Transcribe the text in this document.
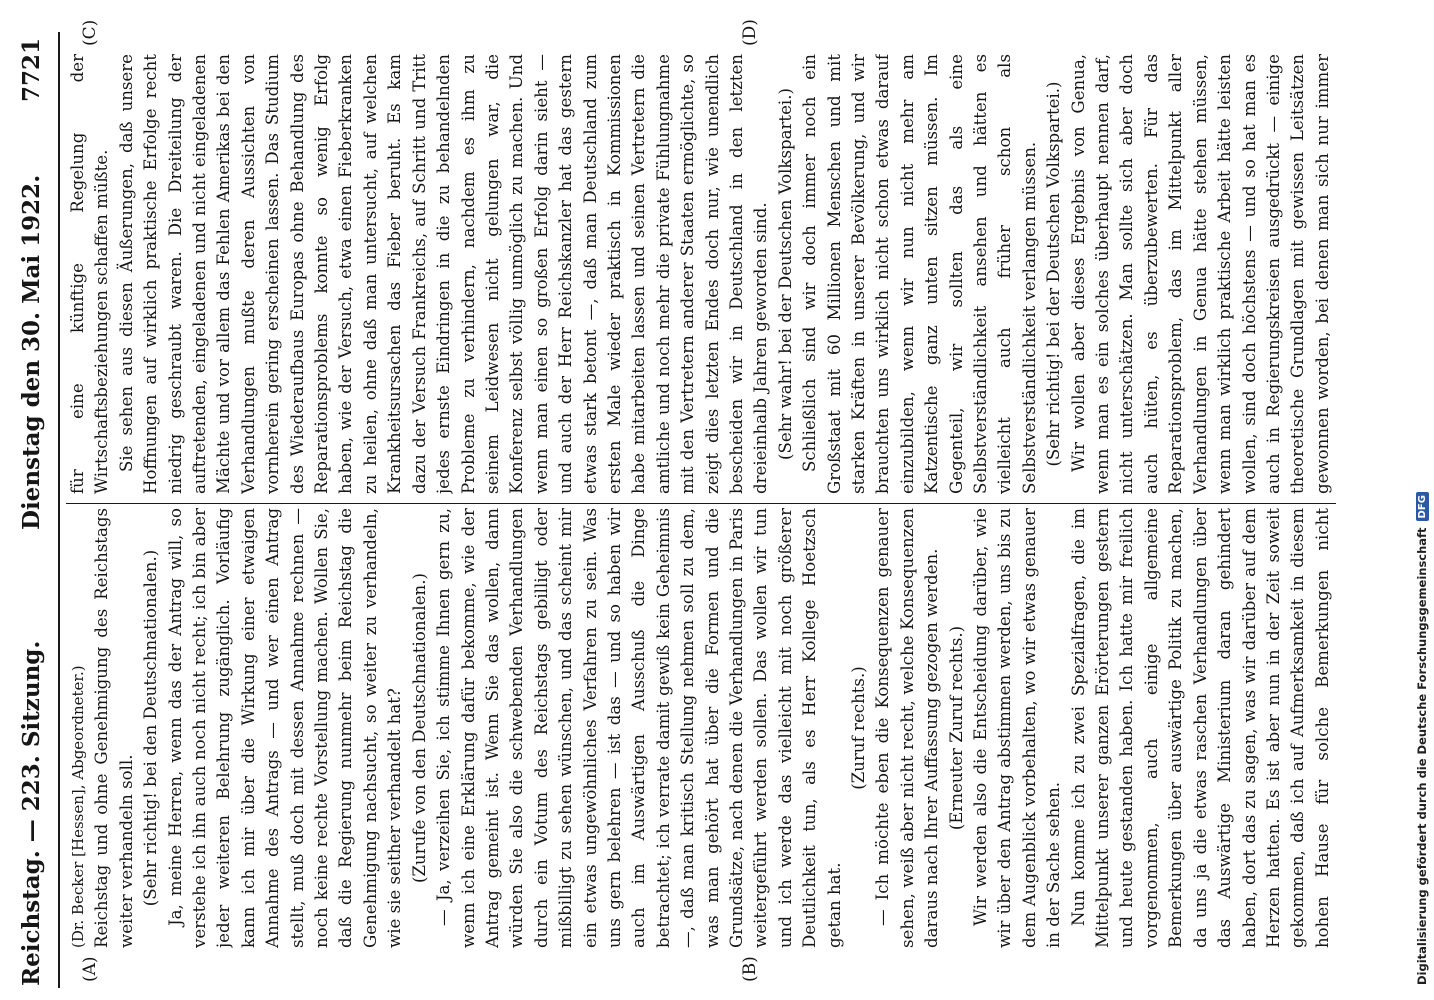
Reichstag. — 223. Sitzung.
Dienstag den 30. Mai 1922.
7721
(A)	(B)
(C)	(D)

(Dr. Becker [Hessen], Abgeordneter.) Reichstag und ohne Genehmigung des Reichstags weiter verhandeln soll. (Sehr richtig! bei den Deutschnationalen.) Ja, meine Herren, wenn das der Antrag will, so verstehe ich ihn auch noch nicht recht; ich bin aber jeder weiteren Belehrung zugänglich. Vorläufig kann ich mir über die Wirkung einer etwaigen Annahme des Antrags — und wer einen Antrag stellt, muß doch mit dessen Annahme rechnen — noch keine rechte Vorstellung machen. Wollen Sie, daß die Regierung nunmehr beim Reichstag die Genehmigung nachsucht, so weiter zu verhandeln, wie sie seither verhandelt hat? (Zurufe von den Deutschnationalen.) — Ja, verzeihen Sie, ich stimme Ihnen gern zu, wenn ich eine Erklärung dafür bekomme, wie der Antrag gemeint ist. Wenn Sie das wollen, dann würden Sie also die schwebenden Verhandlungen durch ein Votum des Reichstags gebilligt oder mißbilligt zu sehen wünschen, und das scheint mir ein etwas ungewöhnliches Verfahren zu sein. Was uns gern belehren — ist das — und so haben wir auch im Auswärtigen Ausschuß die Dinge betrachtet; ich verrate damit gewiß kein Geheimnis —, daß man kritisch Stellung nehmen soll zu dem, was man gehört hat über die Formen und die Grundsätze, nach denen die Verhandlungen in Paris weitergeführt werden sollen. Das wollen wir tun und ich werde das vielleicht mit noch größerer Deutlichkeit tun, als es Herr Kollege Hoetzsch getan hat.

(Zuruf rechts.) — Ich möchte eben die Konsequenzen genauer sehen, weiß aber nicht recht, welche Konsequenzen daraus nach Ihrer Auffassung gezogen werden. (Erneuter Zuruf rechts.) Wir werden also die Entscheidung darüber, wie wir über den Antrag abstimmen werden, uns bis zu dem Augenblick vorbehalten, wo wir etwas genauer in der Sache sehen. Nun komme ich zu zwei Spezialfragen, die im Mittelpunkt unserer ganzen Erörterungen gestern und heute gestanden haben. Ich hatte mir freilich vorgenommen, auch einige allgemeine Bemerkungen über auswärtige Politik zu machen, da uns ja die etwas raschen Verhandlungen über das Auswärtige Ministerium daran gehindert haben, dort das zu sagen, was wir darüber auf dem Herzen hatten. Es ist aber nun in der Zeit soweit gekommen, daß ich auf Aufmerksamkeit in diesem hohen Hause für solche Bemerkungen nicht

für eine künftige Regelung der Wirtschaftsbeziehungen schaffen müßte. Sie sehen aus diesen Äußerungen, daß unsere Hoffnungen auf wirklich praktische Erfolge recht niedrig geschraubt waren. Die Dreiteilung der auftretenden, eingeladenen und nicht eingeladenen Mächte und vor allem das Fehlen Amerikas bei den Verhandlungen mußte deren Aussichten von vornherein gering erscheinen lassen. Das Studium des Wiederaufbaus Europas ohne Behandlung des Reparationsproblems konnte so wenig Erfolg haben, wie der Versuch, etwa einen Fieberkranken zu heilen, ohne daß man untersucht, auf welchen Krankheitsursachen das Fieber beruht. Es kam dazu der Versuch Frankreichs, auf Schritt und Tritt jedes ernste Eindringen in die zu behandelnden Probleme zu verhindern, nachdem es ihm zu seinem Leidwesen nicht gelungen war, die Konferenz selbst völlig unmöglich zu machen. Und wenn man einen so großen Erfolg darin sieht — und auch der Herr Reichskanzler hat das gestern etwas stark betont —, daß man Deutschland zum ersten Male wieder praktisch in Kommissionen habe mitarbeiten lassen und seinen Vertretern die amtliche und noch mehr die private Fühlungnahme mit den Vertretern anderer Staaten ermöglichte, so zeigt dies letzten Endes doch nur, wie unendlich bescheiden wir in Deutschland in den letzten dreieinhalb Jahren geworden sind. (Sehr wahr! bei der Deutschen Volkspartei.) Schließlich sind wir doch immer noch ein Großstaat mit 60 Millionen Menschen und mit starken Kräften in unserer Bevölkerung, und wir brauchten uns wirklich nicht schon etwas darauf einzubilden, wenn wir nun nicht mehr am Katzentische ganz unten sitzen müssen. Im Gegenteil, wir sollten das als eine Selbstverständlichkeit ansehen und hätten es vielleicht auch früher schon als Selbstverständlichkeit verlangen müssen. (Sehr richtig! bei der Deutschen Volkspartei.) Wir wollen aber dieses Ergebnis von Genua, wenn man es ein solches überhaupt nennen darf, nicht unterschätzen. Man sollte sich aber doch auch hüten, es überzubewerten. Für das Reparationsproblem, das im Mittelpunkt aller Verhandlungen in Genua hätte stehen müssen, wenn man wirklich praktische Arbeit hätte leisten wollen, sind doch höchstens — und so hat man es auch in Regierungskreisen ausgedrückt — einige theoretische Grundlagen mit gewissen Leitsätzen gewonnen worden, bei denen man sich nur immer

Digitalisierung gefördert durch die Deutsche Forschungsgemeinschaft
DFG
